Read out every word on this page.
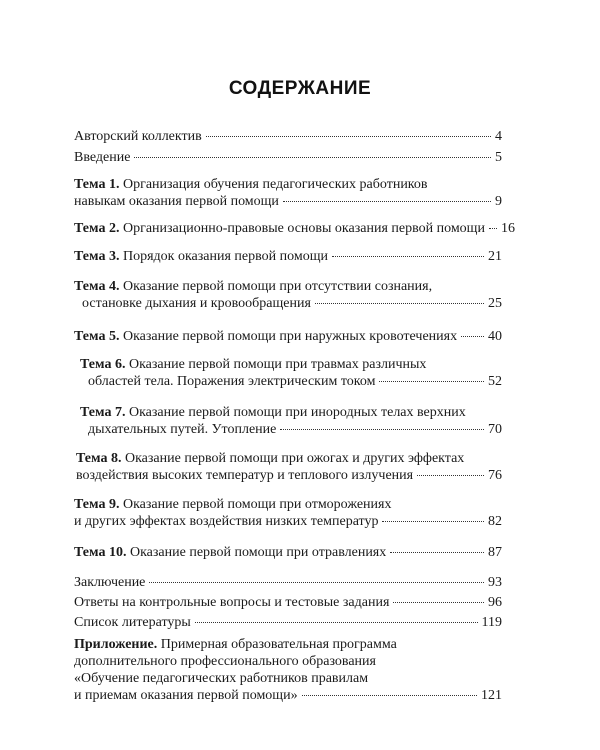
СОДЕРЖАНИЕ
Авторский коллектив	4
Введение	5
Тема 1. Организация обучения педагогических работников
навыкам оказания первой помощи	9
Тема 2. Организационно-правовые основы оказания первой помощи 16
Тема 3. Порядок оказания первой помощи	21
Тема 4. Оказание первой помощи при отсутствии сознания,
остановке дыхания и кровообращения	25
Тема 5. Оказание первой помощи при наружных кровотечениях 40
Тема 6. Оказание первой помощи при травмах различных
областей тела. Поражения электрическим током	52
Тема 7. Оказание первой помощи при инородных телах верхних
дыхательных путей. Утопление	70
Тема 8. Оказание первой помощи при ожогах и других эффектах
воздействия высоких температур и теплового излучения	76
Тема 9. Оказание первой помощи при отморожениях
и других эффектах воздействия низких температур	82
Тема 10. Оказание первой помощи при отравлениях	87
Заключение	93
Ответы на контрольные вопросы и тестовые задания	96
Список литературы	119
Приложение. Примерная образовательная программа
дополнительного профессионального образования
«Обучение педагогических работников правилам
и приемам оказания первой помощи»	121
